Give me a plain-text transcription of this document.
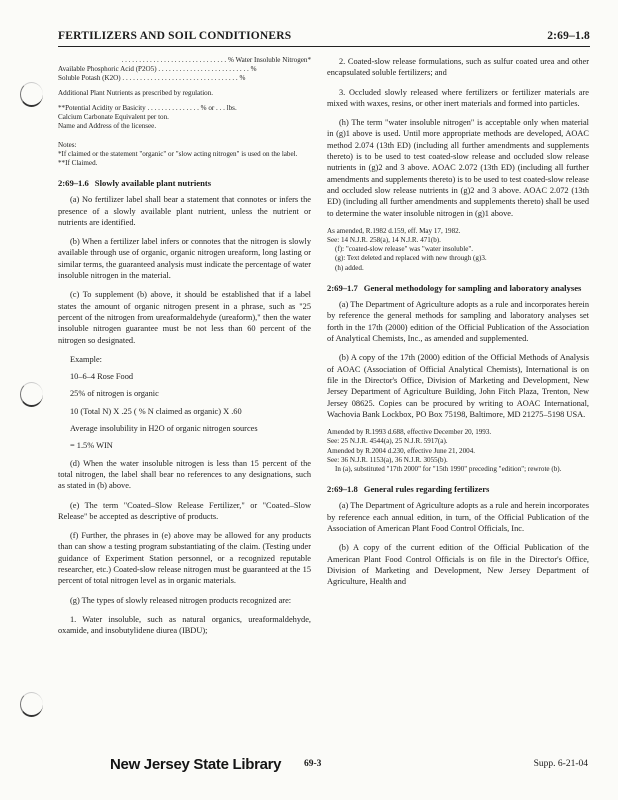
FERTILIZERS AND SOIL CONDITIONERS	2:69–1.8
. . . . . . . . . . . . . . . . . . . . . . . . . . . . . . % Water Insoluble Nitrogen*
Available Phosphoric Acid (P2O5) . . . . . . . . . . . . . . . . . . . . . . . . . . %
Soluble Potash (K2O) . . . . . . . . . . . . . . . . . . . . . . . . . . . . . . . . . %
Additional Plant Nutrients as prescribed by regulation.
**Potential Acidity or Basicity . . . . . . . . . . . . . . . % or . . . lbs.
Calcium Carbonate Equivalent per ton.
Name and Address of the licensee.
Notes:
*If claimed or the statement "organic" or "slow acting nitrogen" is used on the label.
**If Claimed.
2:69–1.6 Slowly available plant nutrients

(a) No fertilizer label shall bear a statement that connotes or infers the presence of a slowly available plant nutrient, unless the nutrient or nutrients are identified.

(b) When a fertilizer label infers or connotes that the nitrogen is slowly available through use of organic, organic nitrogen ureaform, long lasting or similar terms, the guaranteed analysis must indicate the percentage of water insoluble nitrogen in the material.

(c) To supplement (b) above, it should be established that if a label states the amount of organic nitrogen present in a phrase, such as "25 percent of the nitrogen from ureaformaldehyde (ureaform)," then the water insoluble nitrogen guarantee must be not less than 60 percent of the nitrogen so designated.

Example:
10–6–4 Rose Food
25% of nitrogen is organic
10 (Total N) X .25 ( % N claimed as organic) X .60
Average insolubility in H2O of organic nitrogen sources
= 1.5% WIN

(d) When the water insoluble nitrogen is less than 15 percent of the total nitrogen, the label shall bear no references to any designations, such as stated in (b) above.

(e) The term "Coated–Slow Release Fertilizer," or "Coated–Slow Release" be accepted as descriptive of products.

(f) Further, the phrases in (e) above may be allowed for any products than can show a testing program substantiating of the claim. (Testing under guidance of Experiment Station personnel, or a recognized reputable researcher, etc.) Coated-slow release nitrogen must be guaranteed at the 15 percent of total nitrogen level as in organic materials.

(g) The types of slowly released nitrogen products recognized are:

1. Water insoluble, such as natural organics, ureaformaldehyde, oxamide, and insobutylidene diurea (IBDU);

2. Coated-slow release formulations, such as sulfur coated urea and other encapsulated soluble fertilizers; and

3. Occluded slowly released where fertilizers or fertilizer materials are mixed with waxes, resins, or other inert materials and formed into particles.

(h) The term "water insoluble nitrogen" is acceptable only when material in (g)1 above is used. Until more appropriate methods are developed, AOAC method 2.074 (13th ED) (including all further amendments and supplements thereto) is to be used to test coated-slow release and occluded slow release nutrients in (g)2 and 3 above. AOAC 2.072 (13th ED) (including all further amendments and supplements thereto) is to be used to test coated-slow release and occluded slow release nutrients in (g)2 and 3 above. AOAC 2.072 (13th ED) (including all further amendments and supplements thereto) shall be used to determine the water insoluble nitrogen in (g)1 above.

As amended, R.1982 d.159, eff. May 17, 1982.
See: 14 N.J.R. 258(a), 14 N.J.R. 471(b).
(f): "coated-slow release" was "water insoluble".
(g): Text deleted and replaced with new through (g)3.
(h) added.
2:69–1.7 General methodology for sampling and laboratory analyses

(a) The Department of Agriculture adopts as a rule and incorporates herein by reference the general methods for sampling and laboratory analyses set forth in the 17th (2000) edition of the Official Publication of the Association of Analytical Chemists, Inc., as amended and supplemented.

(b) A copy of the 17th (2000) edition of the Official Methods of Analysis of AOAC (Association of Official Analytical Chemists), International is on file in the Director's Office, Division of Marketing and Development, New Jersey Department of Agriculture Building, John Fitch Plaza, Trenton, New Jersey 08625. Copies can be procured by writing to AOAC International, Wachovia Bank Lockbox, PO Box 75198, Baltimore, MD 21275–5198 USA.

Amended by R.1993 d.688, effective December 20, 1993.
See: 25 N.J.R. 4544(a), 25 N.J.R. 5917(a).
Amended by R.2004 d.230, effective June 21, 2004.
See: 36 N.J.R. 1153(a), 36 N.J.R. 3055(b).
In (a), substituted "17th 2000" for "15th 1990" preceding "edition"; rewrote (b).
2:69–1.8 General rules regarding fertilizers

(a) The Department of Agriculture adopts as a rule and herein incorporates by reference each annual edition, in turn, of the Official Publication of the Association of American Plant Food Control Officials, Inc.

(b) A copy of the current edition of the Official Publication of the American Plant Food Control Officials is on file in the Director's Office, Division of Marketing and Development, New Jersey Department of Agriculture, Health and

New Jersey State Library 69-3	Supp. 6-21-04
